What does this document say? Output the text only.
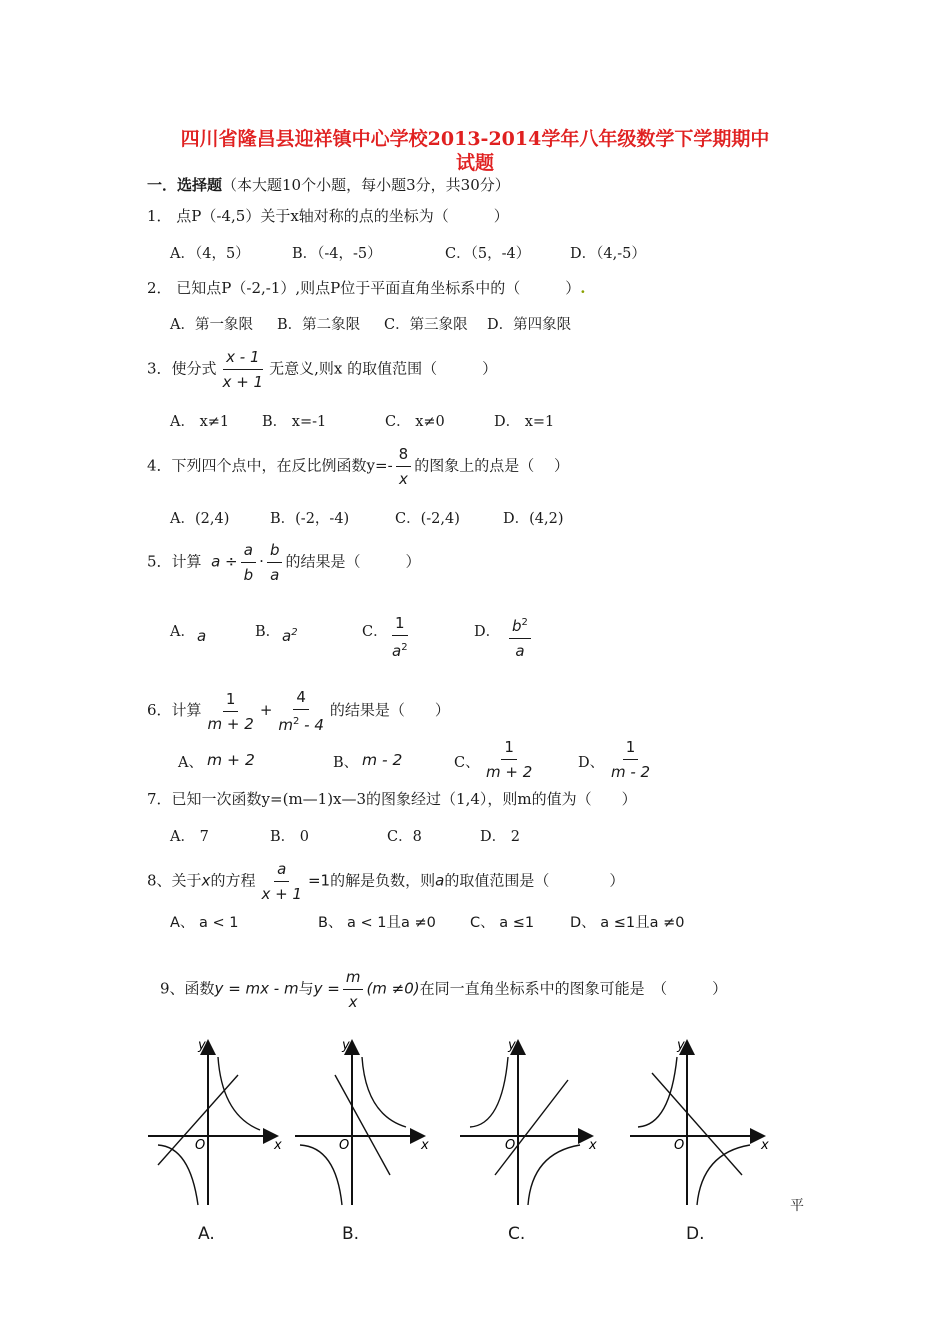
四川省隆昌县迎祥镇中心学校2013-2014学年八年级数学下学期期中
试题
一．选择题（本大题10个小题，每小题3分，共30分）
1． 点P（-4,5）关于x轴对称的点的坐标为（　　　）
A．（4，5）	B．（-4，-5）	C．（5，-4）	D．（4,-5）
2． 已知点P（-2,-1）,则点P位于平面直角坐标系中的（　　　）.
A．第一象限 B．第二象限 C．第三象限 D．第四象限
3．使分式 $\frac{x - 1}{x + 1}$ 无意义,则x 的取值范围（　　　）
A． x≠1 B． x=-1	C． x≠0	D． x=1
4．下列四个点中，在反比例函数$y=- \frac{8}{x}$ 的图象上的点是（　 ）
A．(2,4)	B．(-2，-4)	C．(-2,4)	D．(4,2)
5．计算 $a \div \frac{a}{b} \cdot \frac{b}{a}$ 的结果是（　　　）
A． a	B． $a^2$	C． $\frac{1}{a^2}$	D． $\frac{b^2}{a}$
6．计算 $\frac{1}{m + 2} + \frac{4}{m^2 - 4}$ 的结果是（　　）
A、 m + 2	B、 m - 2	C、 $\frac{1}{m + 2}$	D、 $\frac{1}{m - 2}$
7．已知一次函数y=(m—1)x—3的图象经过（1,4），则m的值为（　　）
A． 7	B． 0	C．8	D． 2
8、关于x的方程 $\frac{a}{x + 1} =1$的解是负数，则a的取值范围是（　　　　）
A、 a < 1	B、 a < 1且a ≠0 C、 a ≤1 D、 a ≤1且a ≠0
9、函数y = mx - m与$y = \frac{m}{x} (m \ne 0)$在同一直角坐标系中的图象可能是　（　　　）
y
x
O
y
x
O
y
x
O
y
x
O
A.	B.	C.	D.
平
